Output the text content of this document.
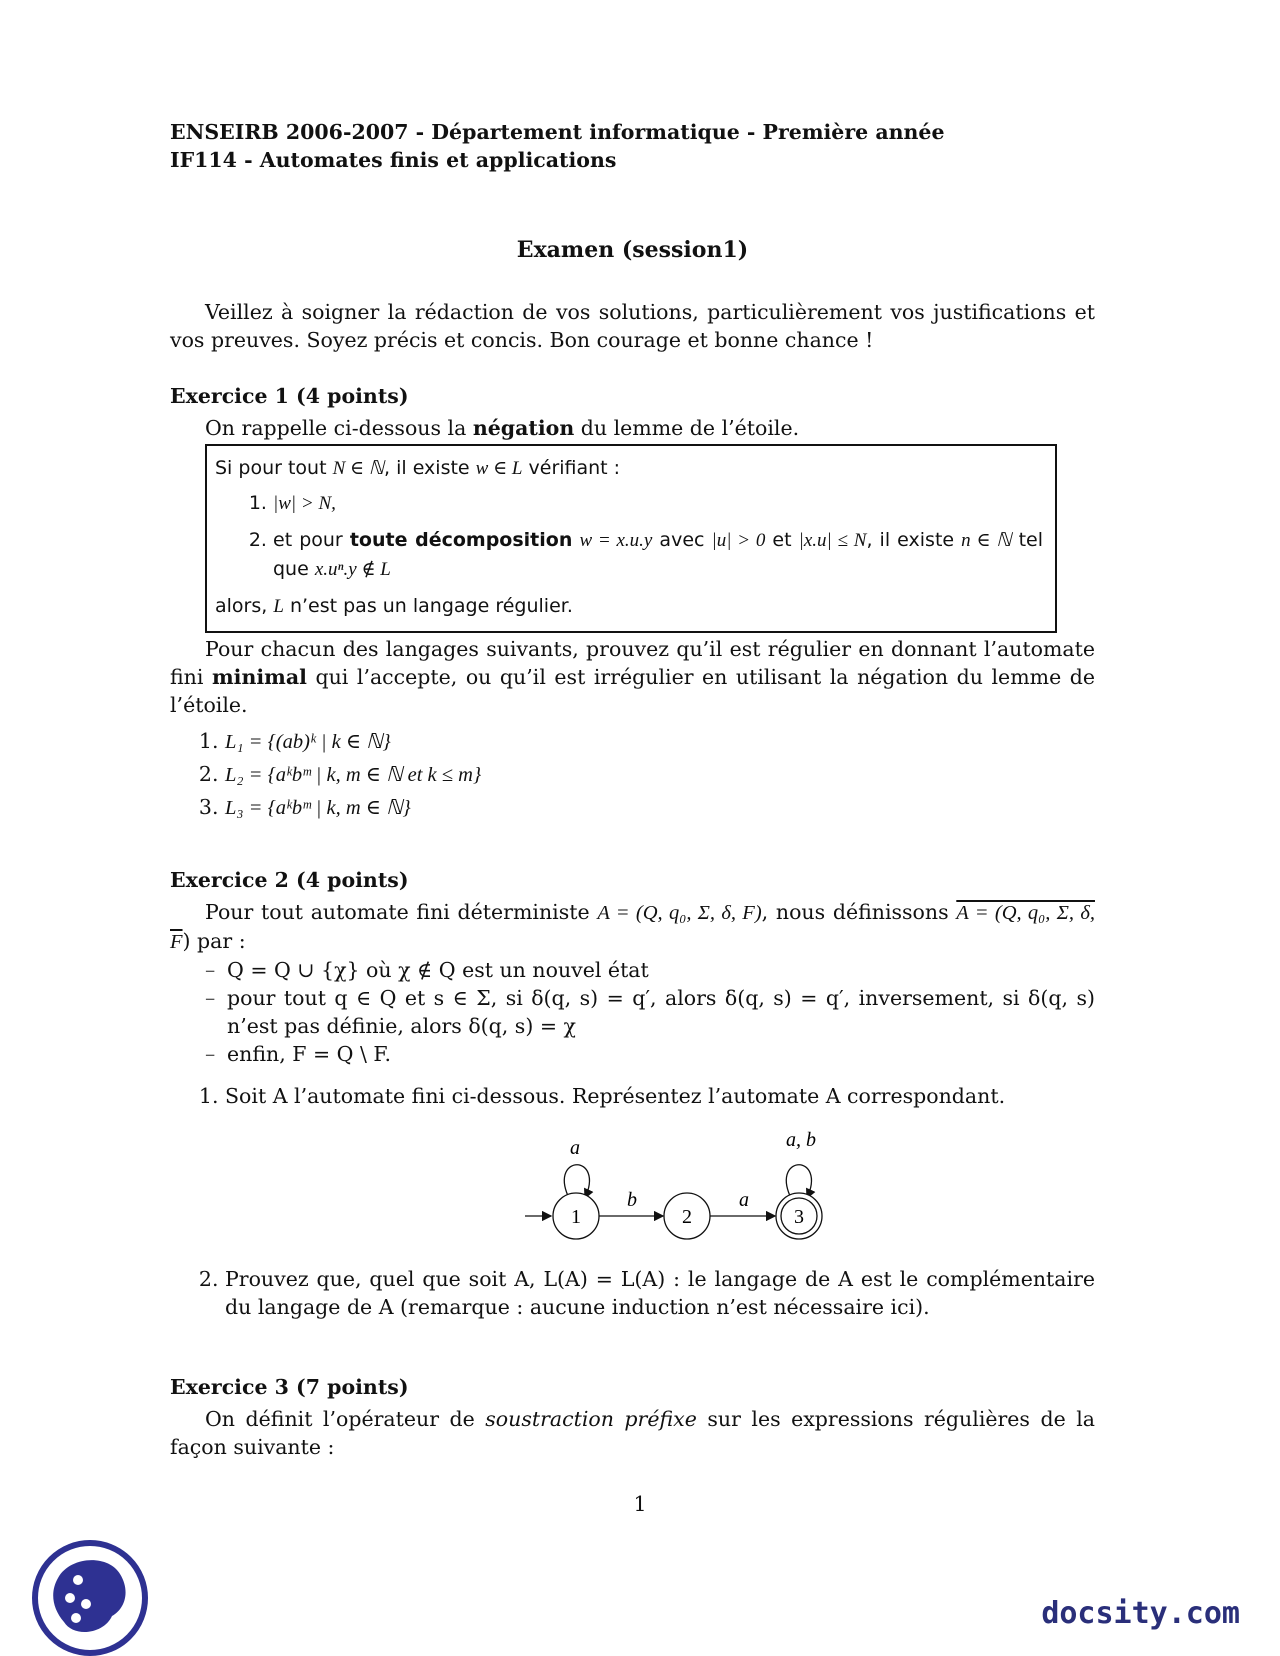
ENSEIRB 2006-2007 - Département informatique - Première année
IF114 - Automates finis et applications
Examen (session1)

Veillez à soigner la rédaction de vos solutions, particulièrement vos justifications et vos preuves. Soyez précis et concis. Bon courage et bonne chance !

Exercice 1 (4 points)

On rappelle ci-dessous la négation du lemme de l’étoile.

Si pour tout N ∈ ℕ, il existe w ∈ L vérifiant :
1. |w| > N,
2. et pour toute décomposition w = x.u.y avec |u| > 0 et |x.u| ≤ N, il existe n ∈ ℕ tel que x.uⁿ.y ∉ L
alors, L n’est pas un langage régulier.

Pour chacun des langages suivants, prouvez qu’il est régulier en donnant l’automate fini minimal qui l’accepte, ou qu’il est irrégulier en utilisant la négation du lemme de l’étoile.

1. L₁ = {(ab)ᵏ | k ∈ ℕ}
2. L₂ = {aᵏbᵐ | k, m ∈ ℕ et k ≤ m}
3. L₃ = {aᵏbᵐ | k, m ∈ ℕ}
Exercice 2 (4 points)

Pour tout automate fini déterministe A = (Q, q₀, Σ, δ, F), nous définissons A = (Q, q₀, Σ, δ, $\overline{F}$) par :

– Q = Q ∪ {χ} où χ ∉ Q est un nouvel état
– pour tout q ∈ Q et s ∈ Σ, si δ(q, s) = q′, alors δ(q, s) = q′, inversement, si δ(q, s) n’est pas définie, alors δ(q, s) = χ
– enfin, F = Q \ F.
1. Soit A l’automate fini ci-dessous. Représentez l’automate A correspondant.
a
b	a
a, b
1	2	3
2. Prouvez que, quel que soit A, L(A) = L(A) : le langage de A est le complémentaire du langage de A (remarque : aucune induction n’est nécessaire ici).
Exercice 3 (7 points)

On définit l’opérateur de soustraction préfixe sur les expressions régulières de la façon suivante :

1
docsity.com
